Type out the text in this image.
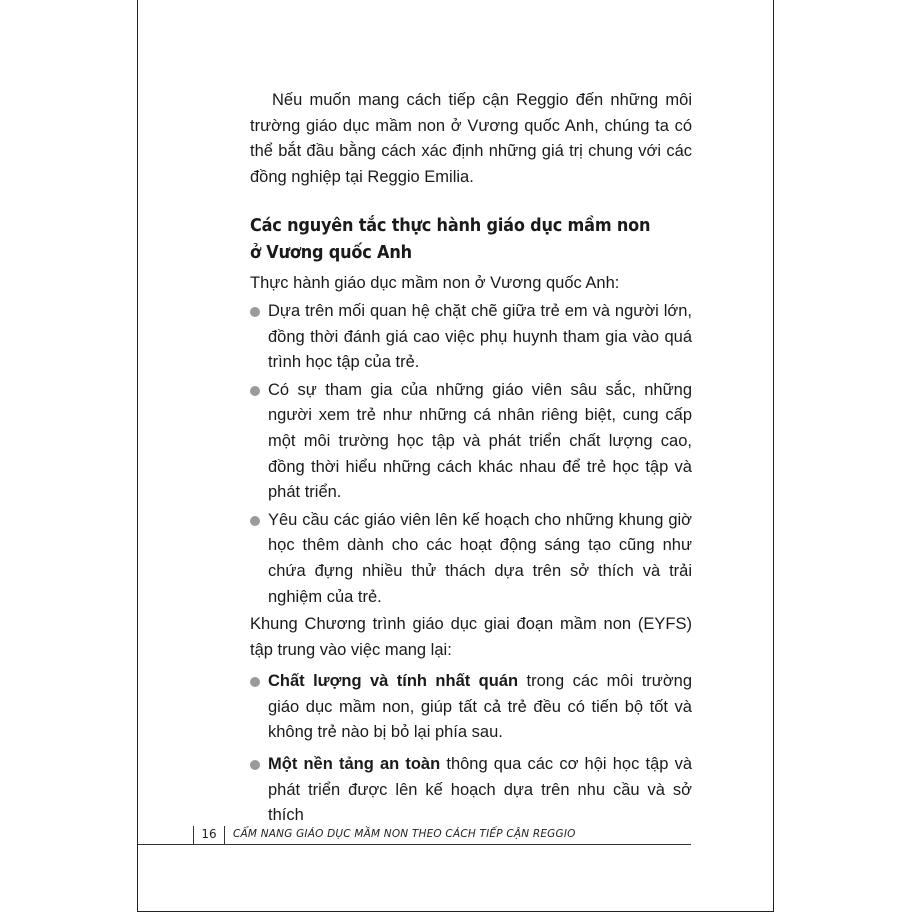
Nếu muốn mang cách tiếp cận Reggio đến những môi trường giáo dục mầm non ở Vương quốc Anh, chúng ta có thể bắt đầu bằng cách xác định những giá trị chung với các đồng nghiệp tại Reggio Emilia.

Các nguyên tắc thực hành giáo dục mầm non
ở Vương quốc Anh

Thực hành giáo dục mầm non ở Vương quốc Anh:

Dựa trên mối quan hệ chặt chẽ giữa trẻ em và người lớn, đồng thời đánh giá cao việc phụ huynh tham gia vào quá trình học tập của trẻ.
Có sự tham gia của những giáo viên sâu sắc, những người xem trẻ như những cá nhân riêng biệt, cung cấp một môi trường học tập và phát triển chất lượng cao, đồng thời hiểu những cách khác nhau để trẻ học tập và phát triển.
Yêu cầu các giáo viên lên kế hoạch cho những khung giờ học thêm dành cho các hoạt động sáng tạo cũng như chứa đựng nhiều thử thách dựa trên sở thích và trải nghiệm của trẻ.

Khung Chương trình giáo dục giai đoạn mầm non (EYFS) tập trung vào việc mang lại:

Chất lượng và tính nhất quán trong các môi trường giáo dục mầm non, giúp tất cả trẻ đều có tiến bộ tốt và không trẻ nào bị bỏ lại phía sau.
Một nền tảng an toàn thông qua các cơ hội học tập và phát triển được lên kế hoạch dựa trên nhu cầu và sở thích
16	CẨM NANG GIÁO DỤC MẦM NON THEO CÁCH TIẾP CẬN REGGIO
